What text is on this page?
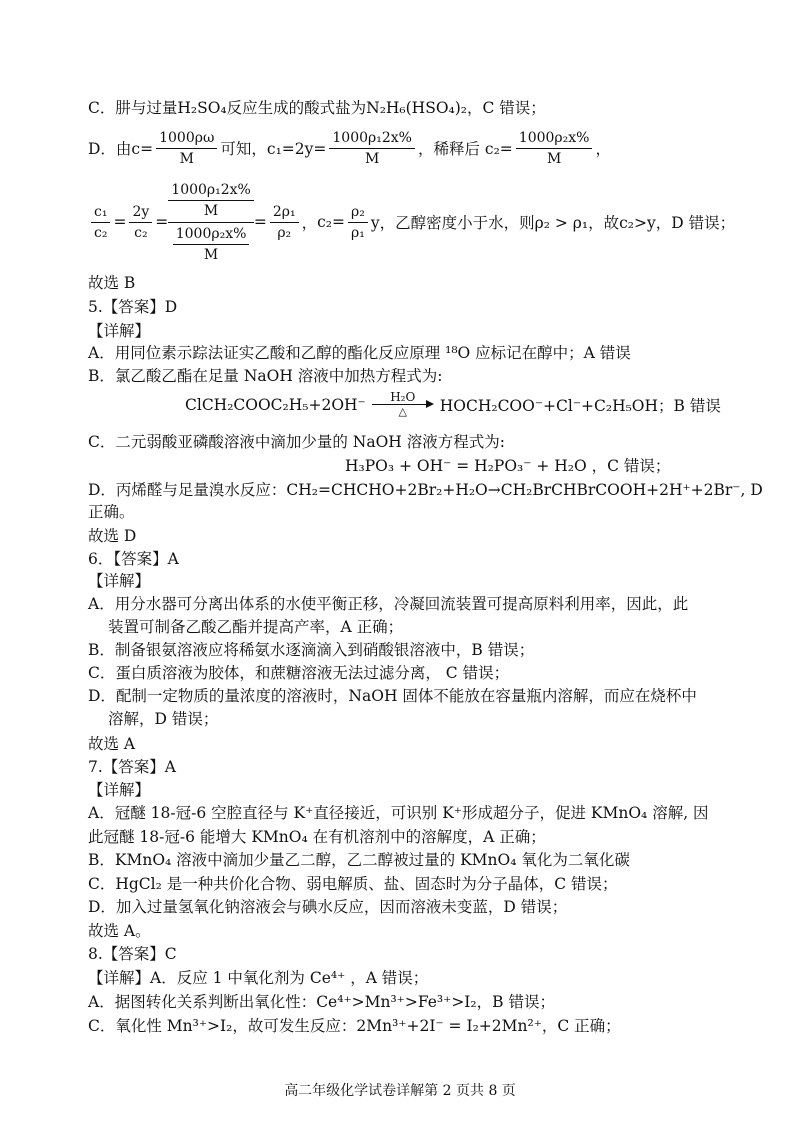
C．肼与过量H₂SO₄反应生成的酸式盐为N₂H₆(HSO₄)₂，C 错误；
D．由$c= \frac{1000\rho\omega}{M}$ 可知，$c_1=2y= \frac{\text{1000ρ₁2x\%}}{M}$ ，稀释后 $c_2= \frac{\text{1000ρ₂x\%}}{M}$ ，
$\frac{\text{c₁}}{\text{c₂}} = \frac{2y}{\text{c₂}} = \frac{\frac{\text{1000ρ₁2x\%}}{M}}{\frac{\text{1000ρ₂x\%}}{M}} = \frac{\text{2ρ₁}}{\text{ρ₂}}$ ， $c_2= \frac{\text{ρ₂}}{\text{ρ₁}}$ y，乙醇密度小于水，则ρ₂ > ρ₁，故c₂>y，D 错误；
故选 B
5.【答案】D
【详解】
A．用同位素示踪法证实乙酸和乙醇的酯化反应原理 ¹⁸O 应标记在醇中；A 错误
B．氯乙酸乙酯在足量 NaOH 溶液中加热方程式为:
ClCH₂COOC₂H₅+2OH⁻	H₂O
△	HOCH₂COO⁻+Cl⁻+C₂H₅OH；B 错误
C．二元弱酸亚磷酸溶液中滴加少量的 NaOH 溶液方程式为:
H₃PO₃ + OH⁻ = H₂PO₃⁻ + H₂O ，C 错误；
D．丙烯醛与足量溴水反应：CH₂=CHCHO+2Br₂+H₂O→CH₂BrCHBrCOOH+2H⁺+2Br⁻, D
正确。
故选 D
6．【答案】A
【详解】
A．用分水器可分离出体系的水使平衡正移，冷凝回流装置可提高原料利用率，因此，此
装置可制备乙酸乙酯并提高产率，A 正确；
B．制备银氨溶液应将稀氨水逐滴滴入到硝酸银溶液中，B 错误；
C．蛋白质溶液为胶体，和蔗糖溶液无法过滤分离， C 错误；
D．配制一定物质的量浓度的溶液时，NaOH 固体不能放在容量瓶内溶解，而应在烧杯中
溶解，D 错误；
故选 A
7.【答案】A
【详解】
A．冠醚 18-冠-6 空腔直径与 K⁺直径接近，可识别 K⁺形成超分子，促进 KMnO₄ 溶解, 因
此冠醚 18-冠-6 能增大 KMnO₄ 在有机溶剂中的溶解度，A 正确；
B．KMnO₄ 溶液中滴加少量乙二醇，乙二醇被过量的 KMnO₄ 氧化为二氧化碳
C．HgCl₂ 是一种共价化合物、弱电解质、盐、固态时为分子晶体，C 错误；
D．加入过量氢氧化钠溶液会与碘水反应，因而溶液未变蓝，D 错误；
故选 A。
8.【答案】C
【详解】A．反应 1 中氧化剂为 Ce⁴⁺ ，A 错误；
A．据图转化关系判断出氧化性：Ce⁴⁺>Mn³⁺>Fe³⁺>I₂，B 错误；
C．氧化性 Mn³⁺>I₂，故可发生反应：2Mn³⁺+2I⁻ = I₂+2Mn²⁺，C 正确；
高二年级化学试卷详解第 2 页共 8 页
